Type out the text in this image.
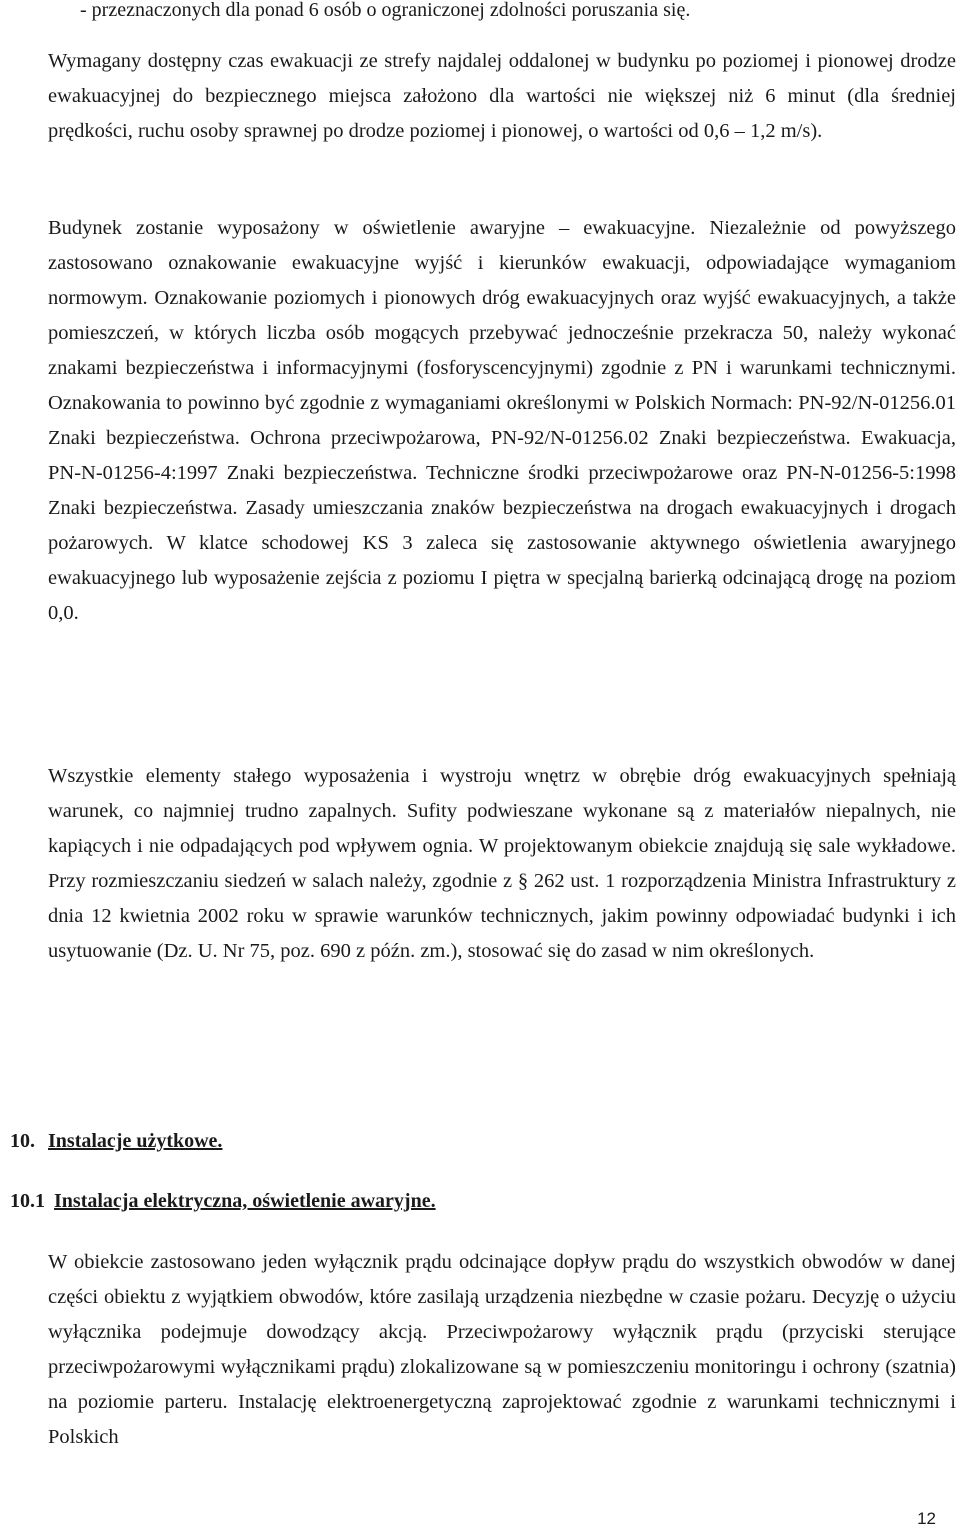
- przeznaczonych dla ponad 6 osób o ograniczonej zdolności poruszania się.

Wymagany dostępny czas ewakuacji ze strefy najdalej oddalonej w budynku po poziomej i pionowej drodze ewakuacyjnej do bezpiecznego miejsca założono dla wartości nie większej niż 6 minut (dla średniej prędkości, ruchu osoby sprawnej po drodze poziomej i pionowej, o wartości od 0,6 – 1,2 m/s).

Budynek zostanie wyposażony w oświetlenie awaryjne – ewakuacyjne. Niezależnie od powyższego zastosowano oznakowanie ewakuacyjne wyjść i kierunków ewakuacji, odpowiadające wymaganiom normowym. Oznakowanie poziomych i pionowych dróg ewakuacyjnych oraz wyjść ewakuacyjnych, a także pomieszczeń, w których liczba osób mogących przebywać jednocześnie przekracza 50, należy wykonać znakami bezpieczeństwa i informacyjnymi (fosforyscencyjnymi) zgodnie z PN i warunkami technicznymi. Oznakowania to powinno być zgodnie z wymaganiami określonymi w Polskich Normach: PN-92/N-01256.01 Znaki bezpieczeństwa. Ochrona przeciwpożarowa, PN-92/N-01256.02 Znaki bezpieczeństwa. Ewakuacja, PN-N-01256-4:1997 Znaki bezpieczeństwa. Techniczne środki przeciwpożarowe oraz PN-N-01256-5:1998 Znaki bezpieczeństwa. Zasady umieszczania znaków bezpieczeństwa na drogach ewakuacyjnych i drogach pożarowych. W klatce schodowej KS 3 zaleca się zastosowanie aktywnego oświetlenia awaryjnego ewakuacyjnego lub wyposażenie zejścia z poziomu I piętra w specjalną barierką odcinającą drogę na poziom 0,0.

Wszystkie elementy stałego wyposażenia i wystroju wnętrz w obrębie dróg ewakuacyjnych spełniają warunek, co najmniej trudno zapalnych. Sufity podwieszane wykonane są z materiałów niepalnych, nie kapiących i nie odpadających pod wpływem ognia. W projektowanym obiekcie znajdują się sale wykładowe. Przy rozmieszczaniu siedzeń w salach należy, zgodnie z § 262 ust. 1 rozporządzenia Ministra Infrastruktury z dnia 12 kwietnia 2002 roku w sprawie warunków technicznych, jakim powinny odpowiadać budynki i ich usytuowanie (Dz. U. Nr 75, poz. 690 z późn. zm.), stosować się do zasad w nim określonych.

10. Instalacje użytkowe.
10.1 Instalacja elektryczna, oświetlenie awaryjne.

W obiekcie zastosowano jeden wyłącznik prądu odcinające dopływ prądu do wszystkich obwodów w danej części obiektu z wyjątkiem obwodów, które zasilają urządzenia niezbędne w czasie pożaru. Decyzję o użyciu wyłącznika podejmuje dowodzący akcją. Przeciwpożarowy wyłącznik prądu (przyciski sterujące przeciwpożarowymi wyłącznikami prądu) zlokalizowane są w pomieszczeniu monitoringu i ochrony (szatnia) na poziomie parteru. Instalację elektroenergetyczną zaprojektować zgodnie z warunkami technicznymi i Polskich

12
